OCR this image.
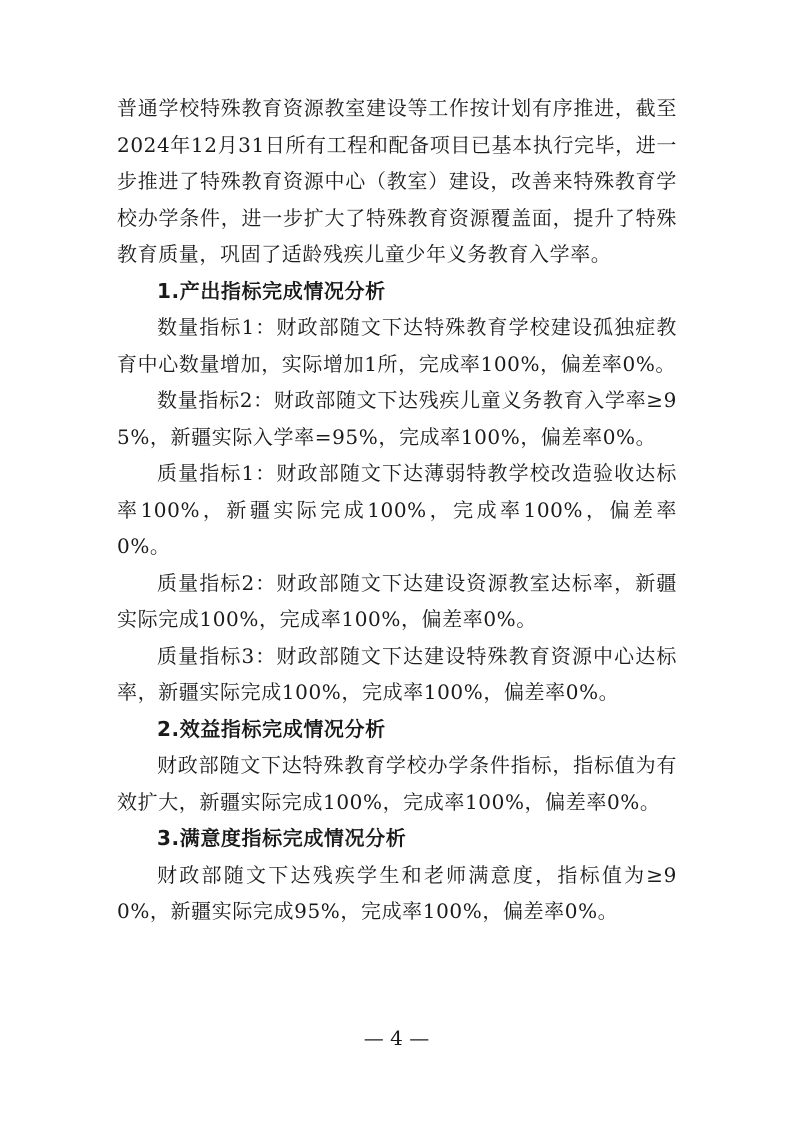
普通学校特殊教育资源教室建设等工作按计划有序推进，截至2024年12月31日所有工程和配备项目已基本执行完毕，进一步推进了特殊教育资源中心（教室）建设，改善来特殊教育学校办学条件，进一步扩大了特殊教育资源覆盖面，提升了特殊教育质量，巩固了适龄残疾儿童少年义务教育入学率。

1.产出指标完成情况分析

数量指标1：财政部随文下达特殊教育学校建设孤独症教育中心数量增加，实际增加1所，完成率100%，偏差率0%。

数量指标2：财政部随文下达残疾儿童义务教育入学率≥95%，新疆实际入学率=95%，完成率100%，偏差率0%。

质量指标1：财政部随文下达薄弱特教学校改造验收达标率100%，新疆实际完成100%，完成率100%，偏差率0%。

质量指标2：财政部随文下达建设资源教室达标率，新疆实际完成100%，完成率100%，偏差率0%。

质量指标3：财政部随文下达建设特殊教育资源中心达标率，新疆实际完成100%，完成率100%，偏差率0%。

2.效益指标完成情况分析

财政部随文下达特殊教育学校办学条件指标，指标值为有效扩大，新疆实际完成100%，完成率100%，偏差率0%。

3.满意度指标完成情况分析

财政部随文下达残疾学生和老师满意度，指标值为≥90%，新疆实际完成95%，完成率100%，偏差率0%。

— 4 —
